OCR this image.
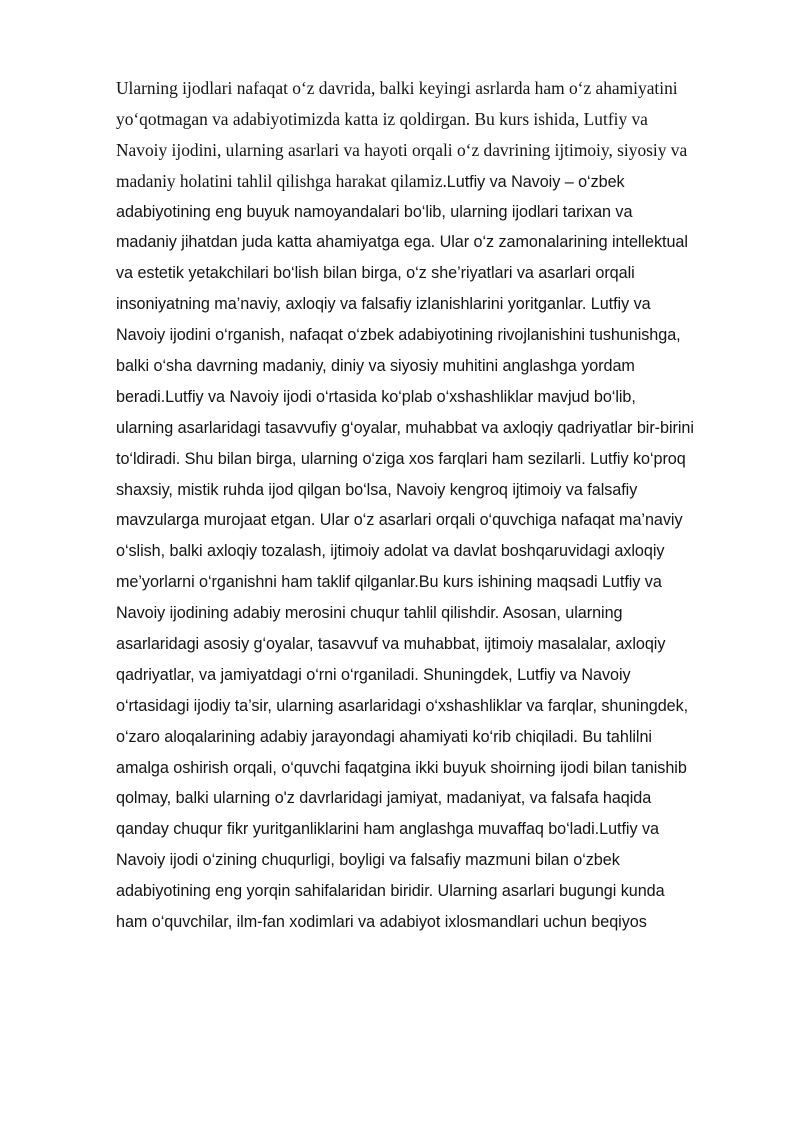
Ularning ijodlari nafaqat o‘z davrida, balki keyingi asrlarda ham o‘z ahamiyatini
yo‘qotmagan va adabiyotimizda katta iz qoldirgan. Bu kurs ishida, Lutfiy va
Navoiy ijodini, ularning asarlari va hayoti orqali o‘z davrining ijtimoiy, siyosiy va
madaniy holatini tahlil qilishga harakat qilamiz.Lutfiy va Navoiy – o‘zbek
adabiyotining eng buyuk namoyandalari bo‘lib, ularning ijodlari tarixan va
madaniy jihatdan juda katta ahamiyatga ega. Ular o‘z zamonalarining intellektual
va estetik yetakchilari bo‘lish bilan birga, o‘z she’riyatlari va asarlari orqali
insoniyatning ma’naviy, axloqiy va falsafiy izlanishlarini yoritganlar. Lutfiy va
Navoiy ijodini o‘rganish, nafaqat o‘zbek adabiyotining rivojlanishini tushunishga,
balki o‘sha davrning madaniy, diniy va siyosiy muhitini anglashga yordam
beradi.Lutfiy va Navoiy ijodi o‘rtasida ko‘plab o‘xshashliklar mavjud bo‘lib,
ularning asarlaridagi tasavvufiy g‘oyalar, muhabbat va axloqiy qadriyatlar bir-birini
to‘ldiradi. Shu bilan birga, ularning o‘ziga xos farqlari ham sezilarli. Lutfiy ko‘proq
shaxsiy, mistik ruhda ijod qilgan bo‘lsa, Navoiy kengroq ijtimoiy va falsafiy
mavzularga murojaat etgan. Ular o‘z asarlari orqali o‘quvchiga nafaqat ma’naviy
o‘slish, balki axloqiy tozalash, ijtimoiy adolat va davlat boshqaruvidagi axloqiy
me’yorlarni o‘rganishni ham taklif qilganlar.Bu kurs ishining maqsadi Lutfiy va
Navoiy ijodining adabiy merosini chuqur tahlil qilishdir. Asosan, ularning
asarlaridagi asosiy g‘oyalar, tasavvuf va muhabbat, ijtimoiy masalalar, axloqiy
qadriyatlar, va jamiyatdagi o‘rni o‘rganiladi. Shuningdek, Lutfiy va Navoiy
o‘rtasidagi ijodiy ta’sir, ularning asarlaridagi o‘xshashliklar va farqlar, shuningdek,
o‘zaro aloqalarining adabiy jarayondagi ahamiyati ko‘rib chiqiladi. Bu tahlilni
amalga oshirish orqali, o‘quvchi faqatgina ikki buyuk shoirning ijodi bilan tanishib
qolmay, balki ularning o'z davrlaridagi jamiyat, madaniyat, va falsafa haqida
qanday chuqur fikr yuritganliklarini ham anglashga muvaffaq bo‘ladi.Lutfiy va
Navoiy ijodi o‘zining chuqurligi, boyligi va falsafiy mazmuni bilan o‘zbek
adabiyotining eng yorqin sahifalaridan biridir. Ularning asarlari bugungi kunda
ham o‘quvchilar, ilm-fan xodimlari va adabiyot ixlosmandlari uchun beqiyos
